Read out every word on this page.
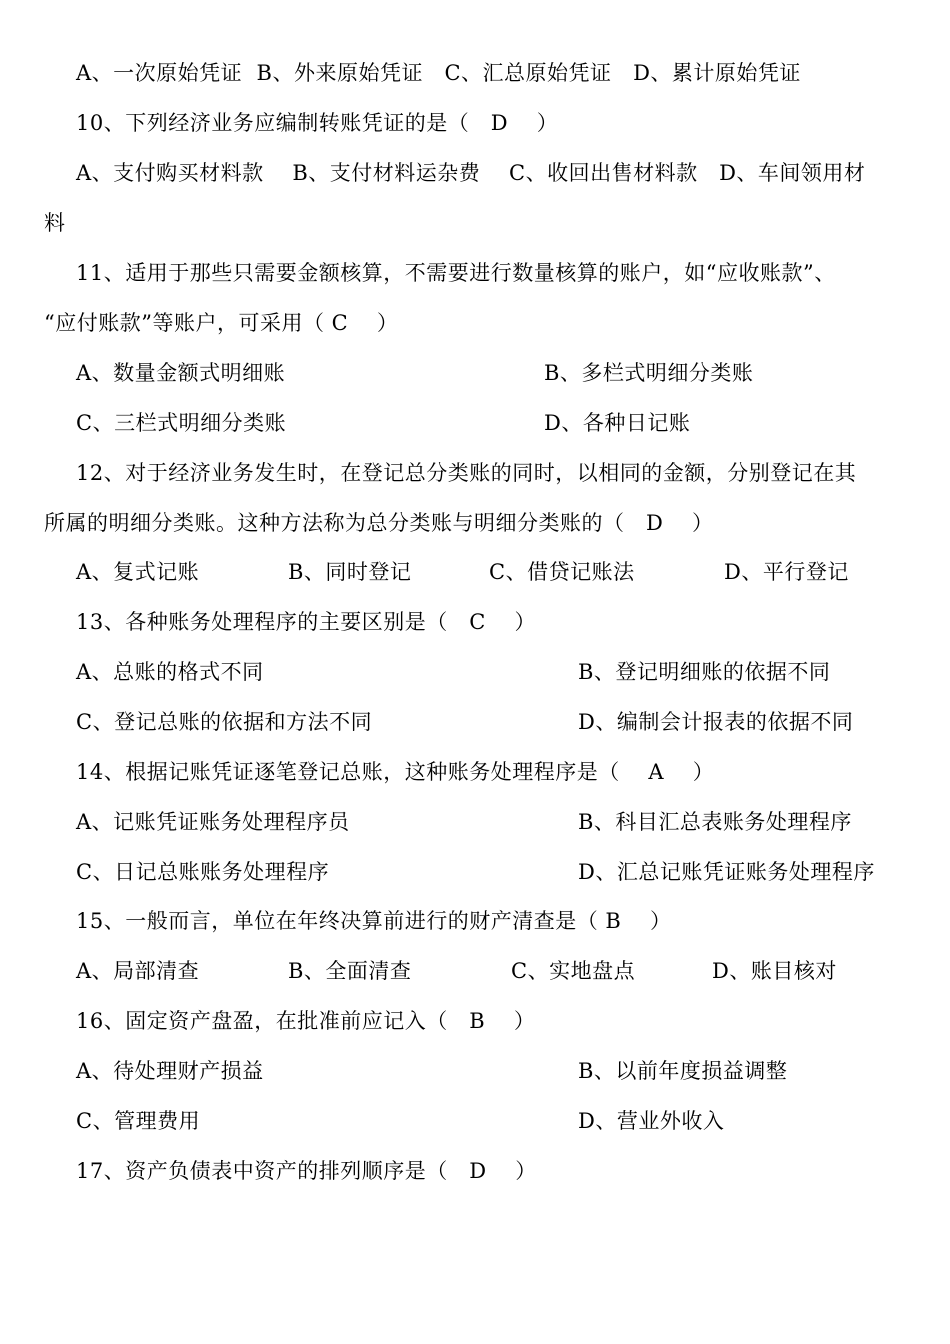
A、一次原始凭证  B、外来原始凭证   C、汇总原始凭证   D、累计原始凭证
10、下列经济业务应编制转账凭证的是（   D    ）
A、支付购买材料款    B、支付材料运杂费    C、收回出售材料款   D、车间领用材
料
11、适用于那些只需要金额核算，不需要进行数量核算的账户，如“应收账款”、
“应付账款”等账户，可采用（ C    ）
A、数量金额式明细账	B、多栏式明细分类账
C、三栏式明细分类账	D、各种日记账
12、对于经济业务发生时，在登记总分类账的同时，以相同的金额，分别登记在其
所属的明细分类账。这种方法称为总分类账与明细分类账的（   D    ）
A、复式记账	B、同时登记	C、借贷记账法	D、平行登记
13、各种账务处理程序的主要区别是（   C    ）
A、总账的格式不同	B、登记明细账的依据不同
C、登记总账的依据和方法不同	D、编制会计报表的依据不同
14、根据记账凭证逐笔登记总账，这种账务处理程序是（    A    ）
A、记账凭证账务处理程序员	B、科目汇总表账务处理程序
C、日记总账账务处理程序	D、汇总记账凭证账务处理程序
15、一般而言，单位在年终决算前进行的财产清查是（ B    ）
A、局部清查	B、全面清查	C、实地盘点	D、账目核对
16、固定资产盘盈，在批准前应记入（   B    ）
A、待处理财产损益	B、以前年度损益调整
C、管理费用	D、营业外收入
17、资产负债表中资产的排列顺序是（   D    ）
